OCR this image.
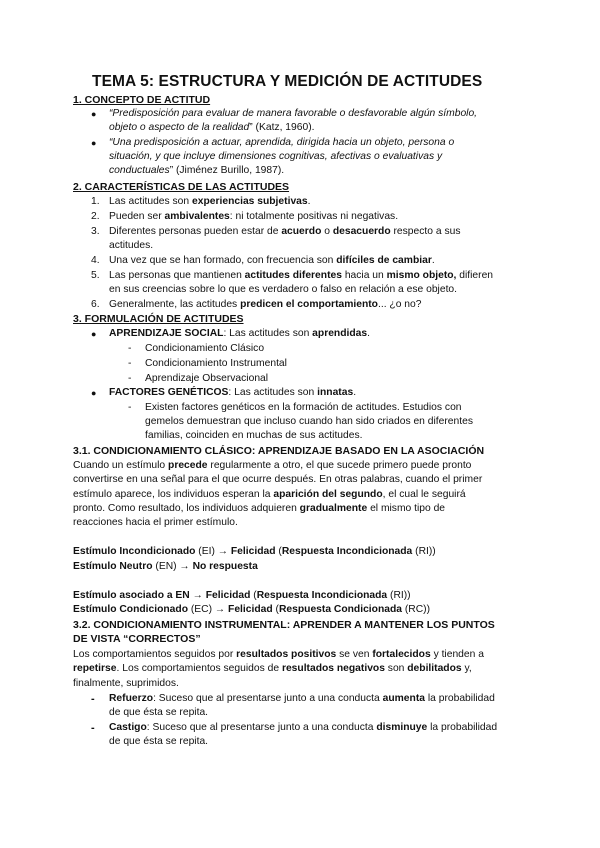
TEMA 5: ESTRUCTURA Y MEDICIÓN DE ACTITUDES
1. CONCEPTO DE ACTITUD
● “Predisposición para evaluar de manera favorable o desfavorable algún símbolo,
objeto o aspecto de la realidad” (Katz, 1960).
● “Una predisposición a actuar, aprendida, dirigida hacia un objeto, persona o
situación, y que incluye dimensiones cognitivas, afectivas o evaluativas y
conductuales” (Jiménez Burillo, 1987).
2. CARACTERÍSTICAS DE LAS ACTITUDES
1. Las actitudes son experiencias subjetivas.
2. Pueden ser ambivalentes: ni totalmente positivas ni negativas.
3. Diferentes personas pueden estar de acuerdo o desacuerdo respecto a sus
actitudes.
4. Una vez que se han formado, con frecuencia son difíciles de cambiar.
5. Las personas que mantienen actitudes diferentes hacia un mismo objeto, difieren
en sus creencias sobre lo que es verdadero o falso en relación a ese objeto.
6. Generalmente, las actitudes predicen el comportamiento... ¿o no?
3. FORMULACIÓN DE ACTITUDES
● APRENDIZAJE SOCIAL: Las actitudes son aprendidas.
- Condicionamiento Clásico
- Condicionamiento Instrumental
- Aprendizaje Observacional
● FACTORES GENÉTICOS: Las actitudes son innatas.
- Existen factores genéticos en la formación de actitudes. Estudios con
gemelos demuestran que incluso cuando han sido criados en diferentes
familias, coinciden en muchas de sus actitudes.
3.1. CONDICIONAMIENTO CLÁSICO: APRENDIZAJE BASADO EN LA ASOCIACIÓN
Cuando un estímulo precede regularmente a otro, el que sucede primero puede pronto
convertirse en una señal para el que ocurre después. En otras palabras, cuando el primer
estímulo aparece, los individuos esperan la aparición del segundo, el cual le seguirá
pronto. Como resultado, los individuos adquieren gradualmente el mismo tipo de
reacciones hacia el primer estímulo.
Estímulo Incondicionado (EI) → Felicidad (Respuesta Incondicionada (RI))
Estímulo Neutro (EN) → No respuesta
Estímulo asociado a EN → Felicidad (Respuesta Incondicionada (RI))
Estímulo Condicionado (EC) → Felicidad (Respuesta Condicionada (RC))
3.2. CONDICIONAMIENTO INSTRUMENTAL: APRENDER A MANTENER LOS PUNTOS
DE VISTA “CORRECTOS”
Los comportamientos seguidos por resultados positivos se ven fortalecidos y tienden a
repetirse. Los comportamientos seguidos de resultados negativos son debilitados y,
finalmente, suprimidos.
- Refuerzo: Suceso que al presentarse junto a una conducta aumenta la probabilidad
de que ésta se repita.
- Castigo: Suceso que al presentarse junto a una conducta disminuye la probabilidad
de que ésta se repita.
